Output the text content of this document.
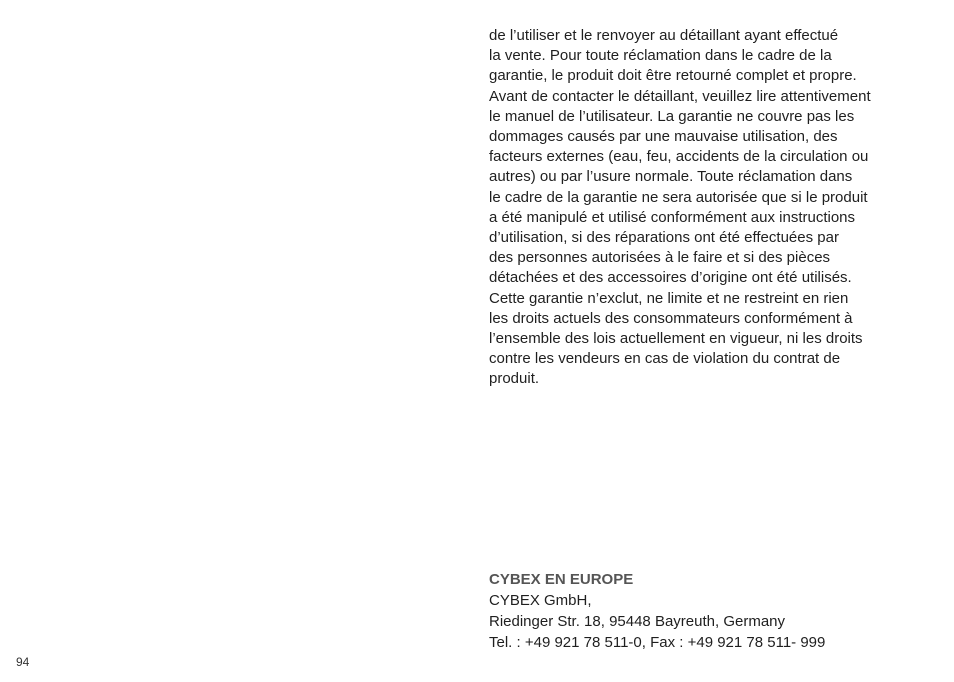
de l’utiliser et le renvoyer au détaillant ayant effectué
la vente. Pour toute réclamation dans le cadre de la
garantie, le produit doit être retourné complet et propre.
Avant de contacter le détaillant, veuillez lire attentivement
le manuel de l’utilisateur. La garantie ne couvre pas les
dommages causés par une mauvaise utilisation, des
facteurs externes (eau, feu, accidents de la circulation ou
autres) ou par l’usure normale. Toute réclamation dans
le cadre de la garantie ne sera autorisée que si le produit
a été manipulé et utilisé conformément aux instructions
d’utilisation, si des réparations ont été effectuées par
des personnes autorisées à le faire et si des pièces
détachées et des accessoires d’origine ont été utilisés.
Cette garantie n’exclut, ne limite et ne restreint en rien
les droits actuels des consommateurs conformément à
l’ensemble des lois actuellement en vigueur, ni les droits
contre les vendeurs en cas de violation du contrat de
produit.
CYBEX EN EUROPE
CYBEX GmbH,
Riedinger Str. 18, 95448 Bayreuth, Germany
Tel. : +49 921 78 511-0, Fax : +49 921 78 511- 999
94
